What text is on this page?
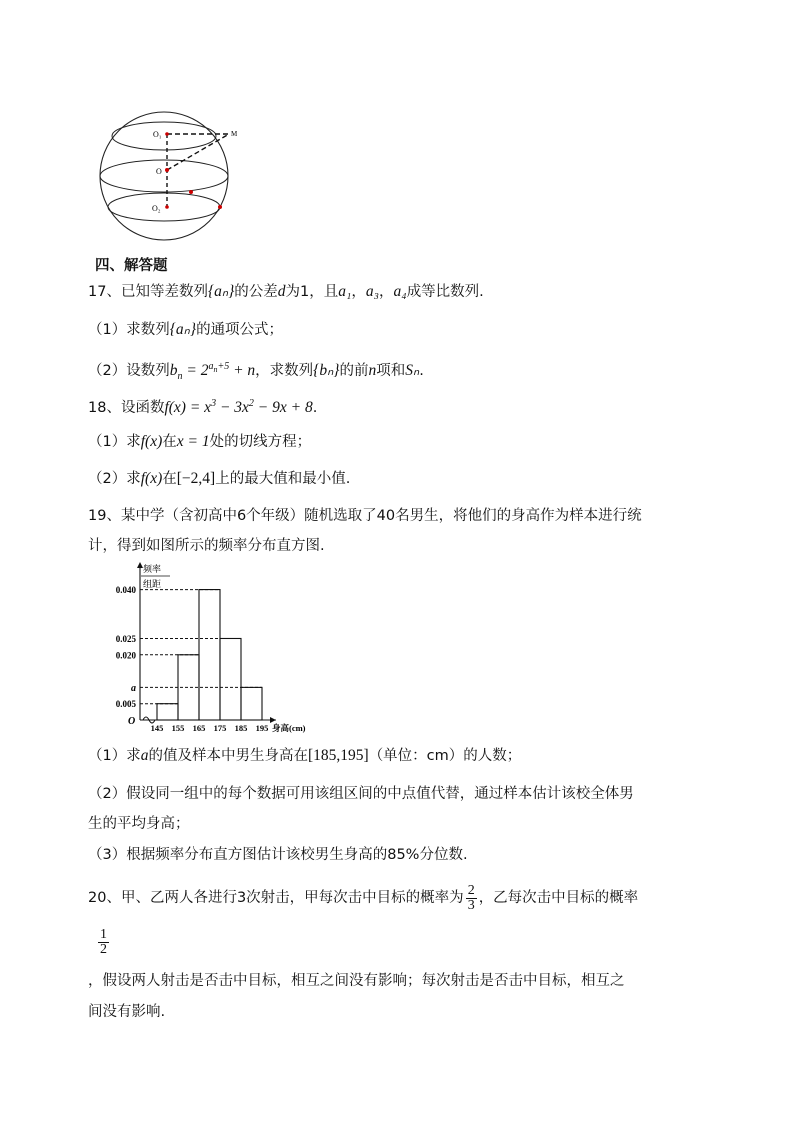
O₁
O
O₂
M
四、解答题
17、已知等差数列{aₙ}的公差d为1，且a₁，a₃，a₄成等比数列.
（1）求数列{aₙ}的通项公式；
（2）设数列$b_n = 2^{a_n+5} + n$，求数列{bₙ}的前n项和Sₙ.
18、设函数$f(x) = x^3 - 3x^2 - 9x + 8$.
（1）求f(x)在x = 1处的切线方程；
（2）求f(x)在[−2,4]上的最大值和最小值.
19、某中学（含初高中6个年级）随机选取了40名男生，将他们的身高作为样本进行统
计，得到如图所示的频率分布直方图.
频率
组距
0.005
a
0.020
0.025
0.040
O
145 155 165 175 185 195 身高(cm)
（1）求a的值及样本中男生身高在[185,195]（单位：cm）的人数；
（2）假设同一组中的每个数据可用该组区间的中点值代替，通过样本估计该校全体男
生的平均身高；
（3）根据频率分布直方图估计该校男生身高的85%分位数.
20、甲、乙两人各进行3次射击，甲每次击中目标的概率为 $\frac{2}{3}$ ，乙每次击中目标的概率
$\frac{1}{2}$
，假设两人射击是否击中目标，相互之间没有影响；每次射击是否击中目标，相互之
间没有影响.
